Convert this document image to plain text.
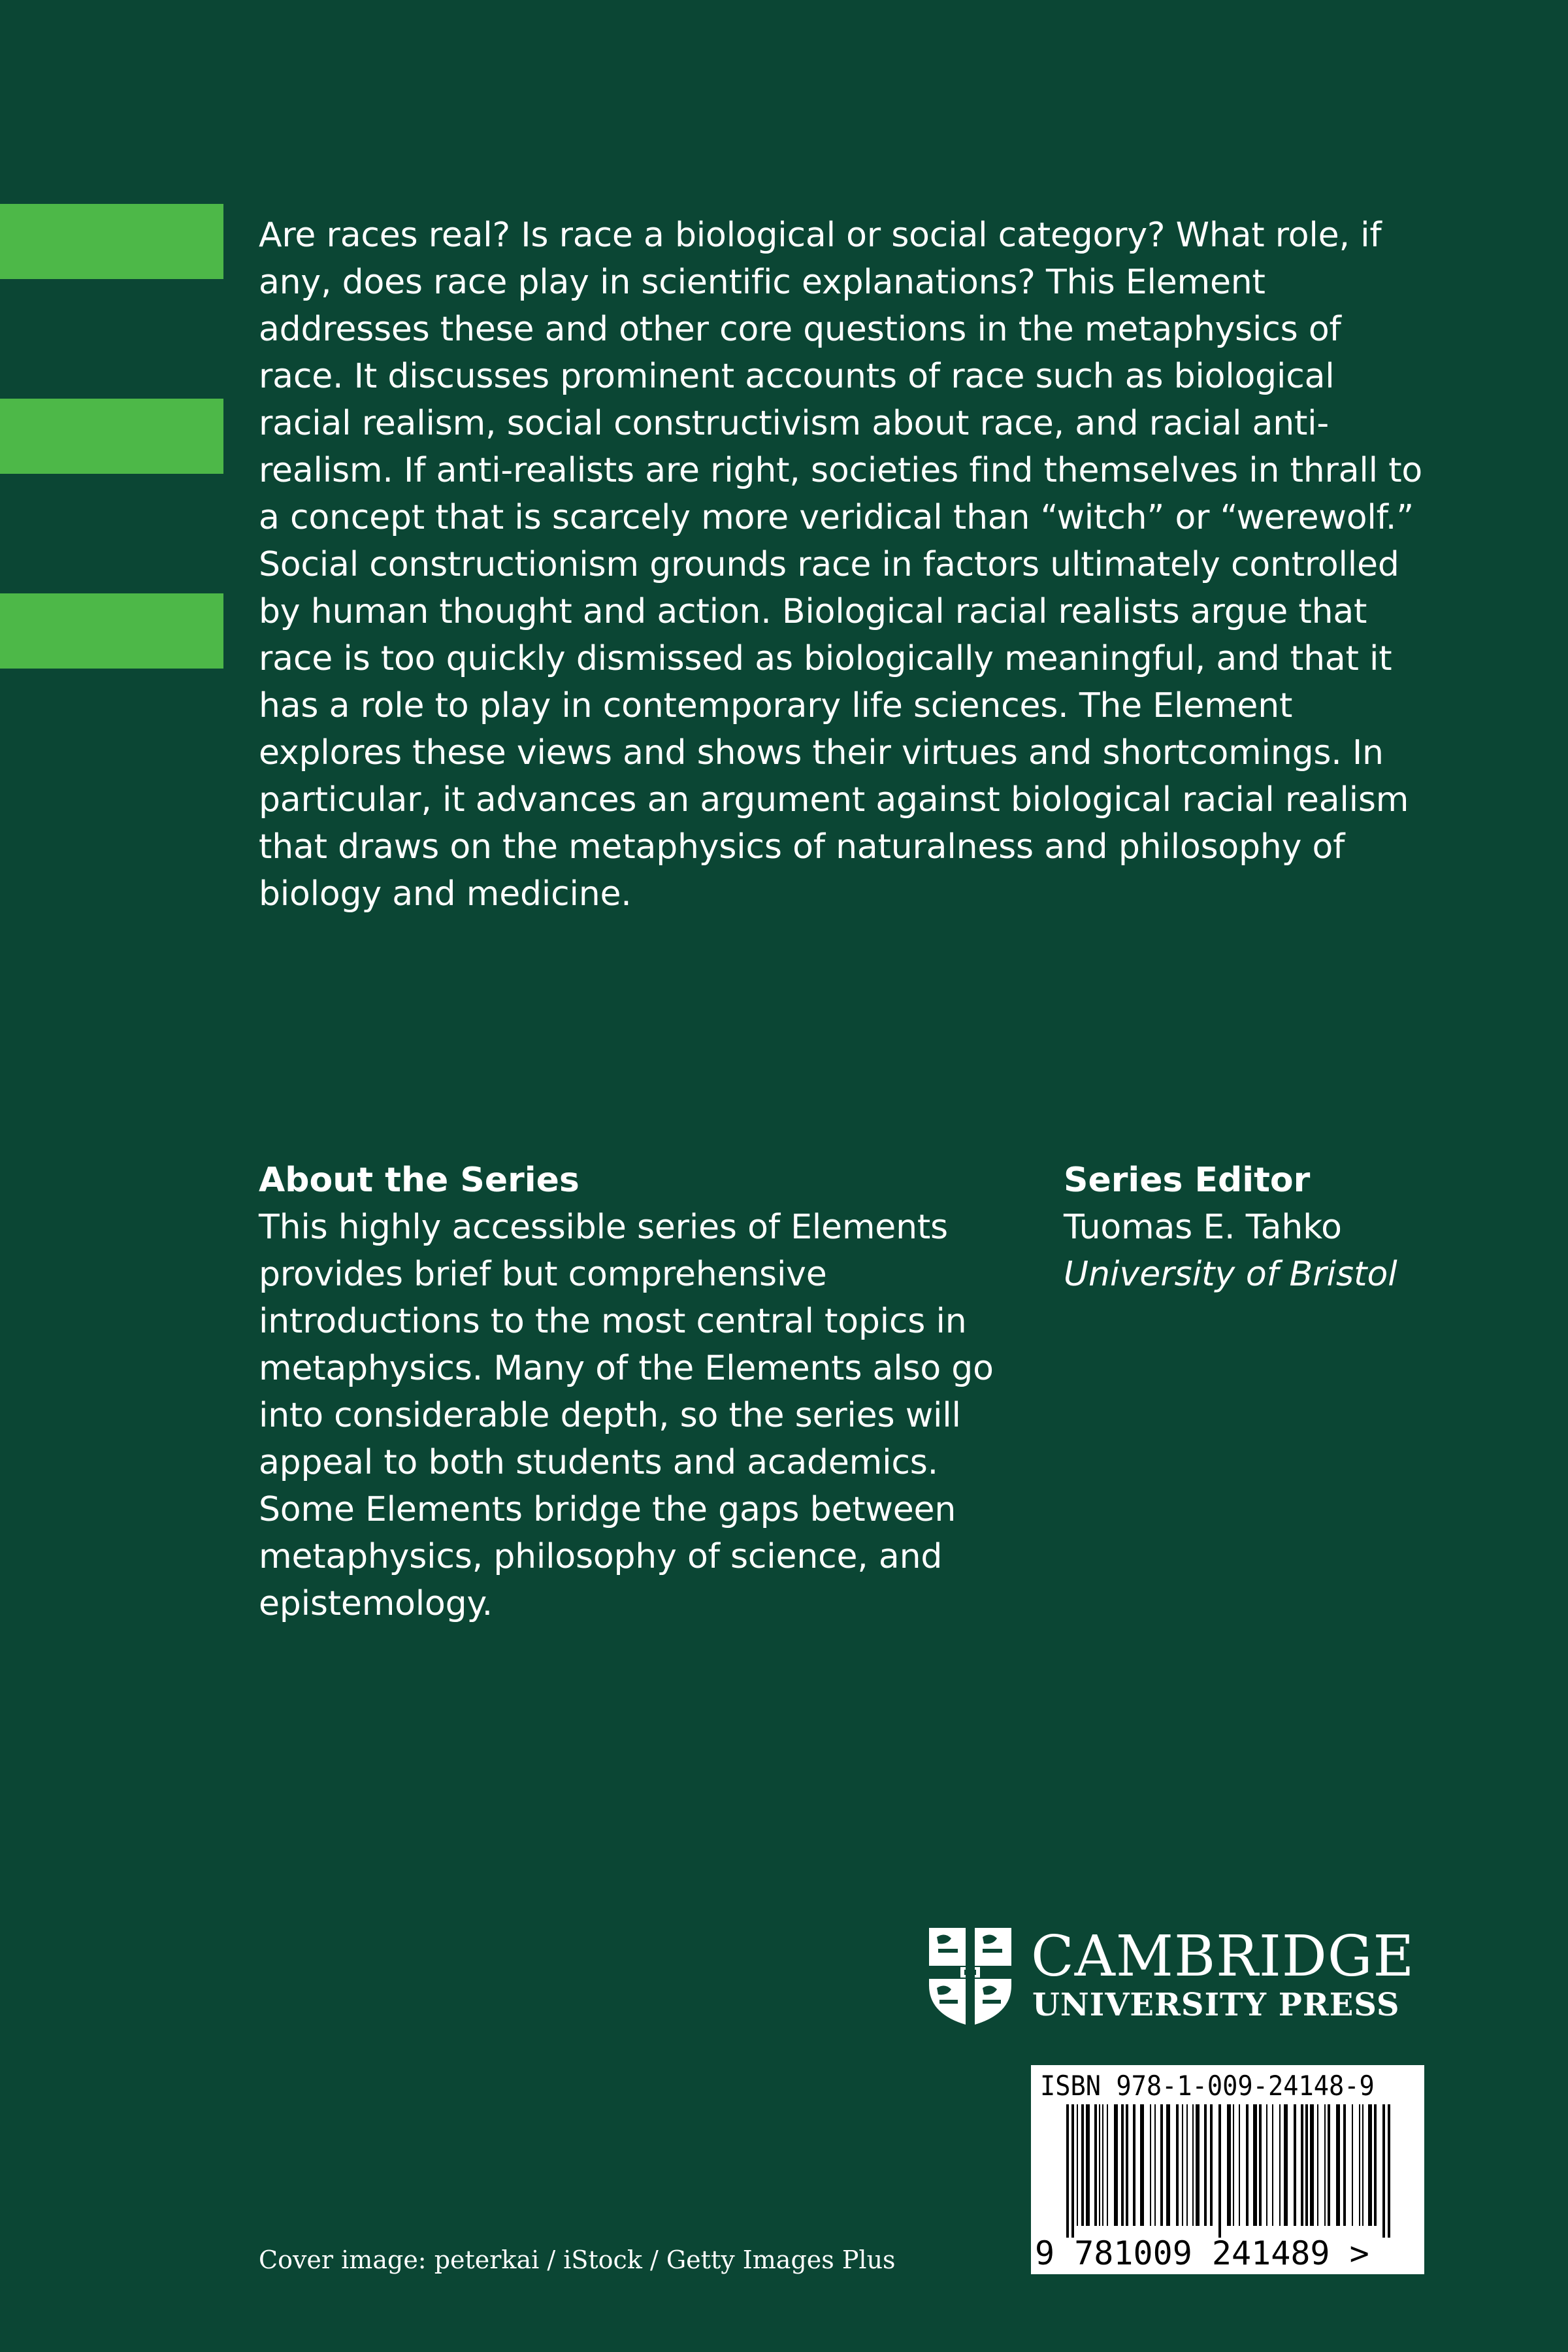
Are races real? Is race a biological or social category? What role, if any, does race play in scientific explanations? This Element addresses these and other core questions in the metaphysics of race. It discusses prominent accounts of race such as biological racial realism, social constructivism about race, and racial anti-realism. If anti-realists are right, societies find themselves in thrall to a concept that is scarcely more veridical than “witch” or “werewolf.” Social constructionism grounds race in factors ultimately controlled by human thought and action. Biological racial realists argue that race is too quickly dismissed as biologically meaningful, and that it has a role to play in contemporary life sciences. The Element explores these views and shows their virtues and shortcomings. In particular, it advances an argument against biological racial realism that draws on the metaphysics of naturalness and philosophy of biology and medicine.

About the Series

This highly accessible series of Elements provides brief but comprehensive introductions to the most central topics in metaphysics. Many of the Elements also go into considerable depth, so the series will appeal to both students and academics. Some Elements bridge the gaps between metaphysics, philosophy of science, and epistemology.

Series Editor
Tuomas E. Tahko
University of Bristol
CAMBRIDGE
UNIVERSITY PRESS
ISBN 978-1-009-24148-9
9 781009 241489 >
Cover image: peterkai / iStock / Getty Images Plus
